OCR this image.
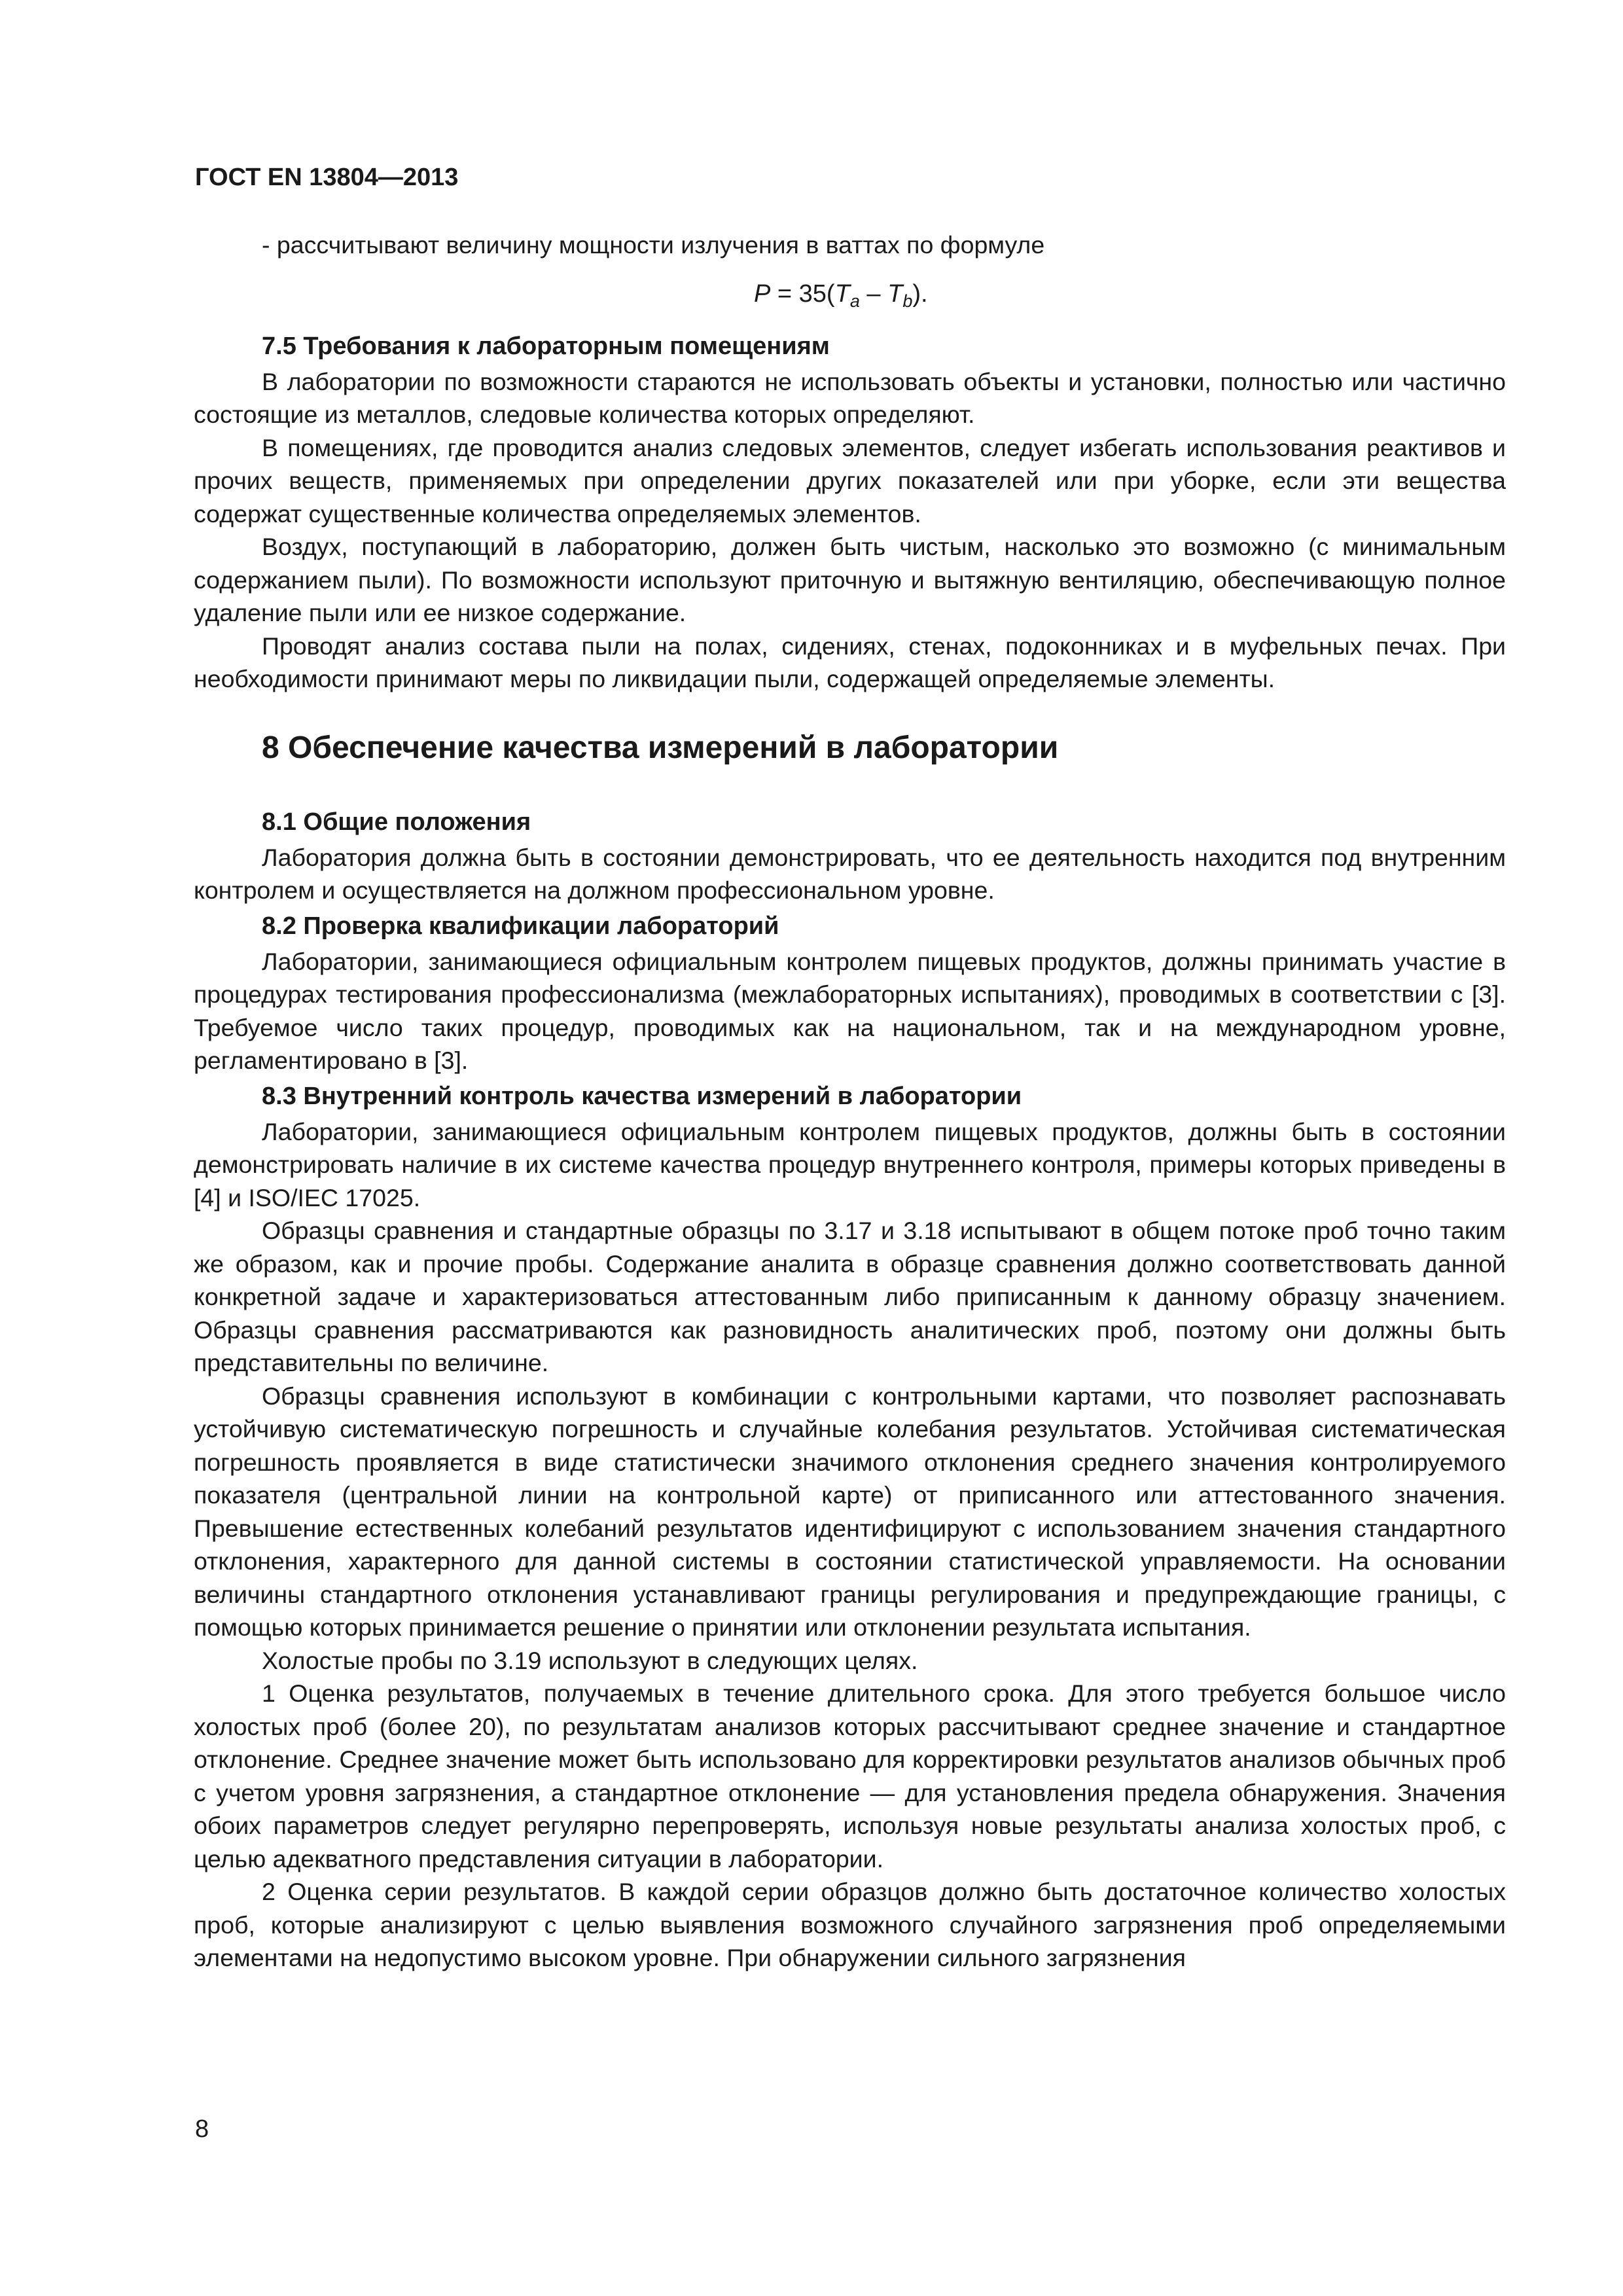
ГОСТ EN 13804—2013

- рассчитывают величину мощности излучения в ваттах по формуле

$P = 35(T_a - T_b)$.
7.5 Требования к лабораторным помещениям

В лаборатории по возможности стараются не использовать объекты и установки, полностью или частично состоящие из металлов, следовые количества которых определяют.

В помещениях, где проводится анализ следовых элементов, следует избегать использования реактивов и прочих веществ, применяемых при определении других показателей или при уборке, если эти вещества содержат существенные количества определяемых элементов.

Воздух, поступающий в лабораторию, должен быть чистым, насколько это возможно (с минимальным содержанием пыли). По возможности используют приточную и вытяжную вентиляцию, обеспечивающую полное удаление пыли или ее низкое содержание.

Проводят анализ состава пыли на полах, сидениях, стенах, подоконниках и в муфельных печах. При необходимости принимают меры по ликвидации пыли, содержащей определяемые элементы.

8 Обеспечение качества измерений в лаборатории
8.1 Общие положения

Лаборатория должна быть в состоянии демонстрировать, что ее деятельность находится под внутренним контролем и осуществляется на должном профессиональном уровне.

8.2 Проверка квалификации лабораторий

Лаборатории, занимающиеся официальным контролем пищевых продуктов, должны принимать участие в процедурах тестирования профессионализма (межлабораторных испытаниях), проводимых в соответствии с [3]. Требуемое число таких процедур, проводимых как на национальном, так и на международном уровне, регламентировано в [3].

8.3 Внутренний контроль качества измерений в лаборатории

Лаборатории, занимающиеся официальным контролем пищевых продуктов, должны быть в состоянии демонстрировать наличие в их системе качества процедур внутреннего контроля, примеры которых приведены в [4] и ISO/IEC 17025.

Образцы сравнения и стандартные образцы по 3.17 и 3.18 испытывают в общем потоке проб точно таким же образом, как и прочие пробы. Содержание аналита в образце сравнения должно соответствовать данной конкретной задаче и характеризоваться аттестованным либо приписанным к данному образцу значением. Образцы сравнения рассматриваются как разновидность аналитических проб, поэтому они должны быть представительны по величине.

Образцы сравнения используют в комбинации с контрольными картами, что позволяет распознавать устойчивую систематическую погрешность и случайные колебания результатов. Устойчивая систематическая погрешность проявляется в виде статистически значимого отклонения среднего значения контролируемого показателя (центральной линии на контрольной карте) от приписанного или аттестованного значения. Превышение естественных колебаний результатов идентифицируют с использованием значения стандартного отклонения, характерного для данной системы в состоянии статистической управляемости. На основании величины стандартного отклонения устанавливают границы регулирования и предупреждающие границы, с помощью которых принимается решение о принятии или отклонении результата испытания.

Холостые пробы по 3.19 используют в следующих целях.

1 Оценка результатов, получаемых в течение длительного срока. Для этого требуется большое число холостых проб (более 20), по результатам анализов которых рассчитывают среднее значение и стандартное отклонение. Среднее значение может быть использовано для корректировки результатов анализов обычных проб с учетом уровня загрязнения, а стандартное отклонение — для установления предела обнаружения. Значения обоих параметров следует регулярно перепроверять, используя новые результаты анализа холостых проб, с целью адекватного представления ситуации в лаборатории.

2 Оценка серии результатов. В каждой серии образцов должно быть достаточное количество холостых проб, которые анализируют с целью выявления возможного случайного загрязнения проб определяемыми элементами на недопустимо высоком уровне. При обнаружении сильного загрязнения

8
